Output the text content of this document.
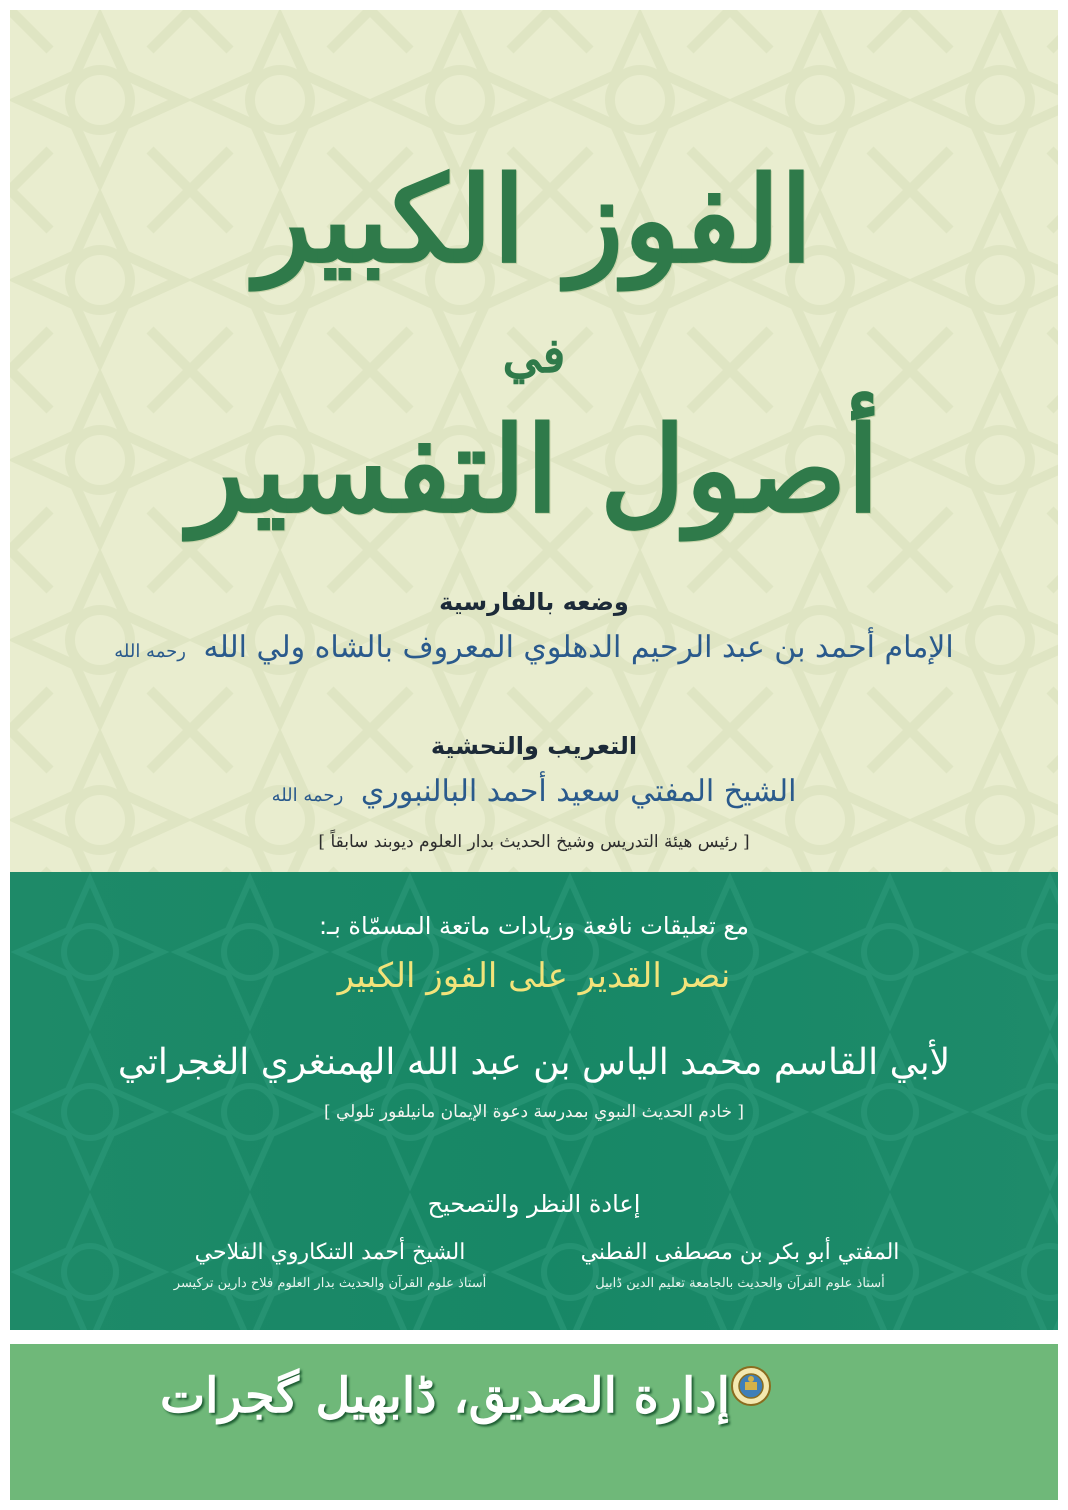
الفوز الكبير
في
أصول التفسير
وضعه بالفارسية
الإمام أحمد بن عبد الرحيم الدهلوي المعروف بالشاه ولي الله رحمه الله
التعريب والتحشية
الشيخ المفتي سعيد أحمد البالنبوري رحمه الله
[ رئيس هيئة التدريس وشيخ الحديث بدار العلوم ديوبند سابقاً ]
مع تعليقات نافعة وزيادات ماتعة المسمّاة بـ:
نصر القدير على الفوز الكبير
لأبي القاسم محمد الياس بن عبد الله الهمنغري الغجراتي
[ خادم الحديث النبوي بمدرسة دعوة الإيمان مانيلفور تلولي ]
إعادة النظر والتصحيح
المفتي أبو بكر بن مصطفى الفطني
أستاذ علوم القرآن والحديث بالجامعة تعليم الدين ڈابيل
الشيخ أحمد التنكاروي الفلاحي
أستاذ علوم القرآن والحديث بدار العلوم فلاح دارين تركيسر
إدارة الصديق، ڈابھیل گجرات
